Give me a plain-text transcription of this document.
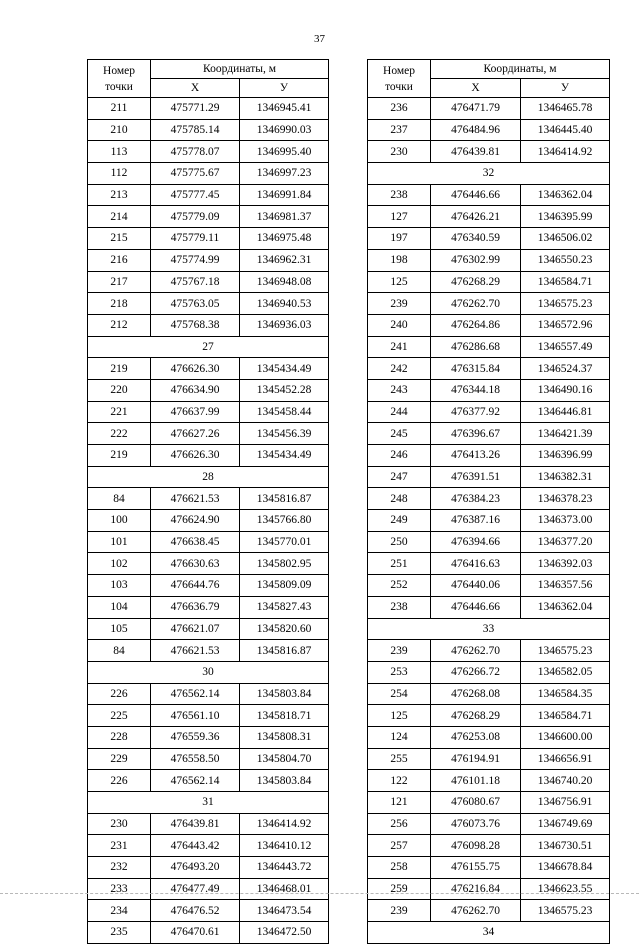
37
Номер
точки	Координаты, м	
	X	У
211	475771.29	1346945.41
210	475785.14	1346990.03
113	475778.07	1346995.40
112	475775.67	1346997.23
213	475777.45	1346991.84
214	475779.09	1346981.37
215	475779.11	1346975.48
216	475774.99	1346962.31
217	475767.18	1346948.08
218	475763.05	1346940.53
212	475768.38	1346936.03
27		
219	476626.30	1345434.49
220	476634.90	1345452.28
221	476637.99	1345458.44
222	476627.26	1345456.39
219	476626.30	1345434.49
28		
84	476621.53	1345816.87
100	476624.90	1345766.80
101	476638.45	1345770.01
102	476630.63	1345802.95
103	476644.76	1345809.09
104	476636.79	1345827.43
105	476621.07	1345820.60
84	476621.53	1345816.87
30		
226	476562.14	1345803.84
225	476561.10	1345818.71
228	476559.36	1345808.31
229	476558.50	1345804.70
226	476562.14	1345803.84
31		
230	476439.81	1346414.92
231	476443.42	1346410.12
232	476493.20	1346443.72
233	476477.49	1346468.01
234	476476.52	1346473.54
235	476470.61	1346472.50
Номер
точки	Координаты, м	
	X	У
236	476471.79	1346465.78
237	476484.96	1346445.40
230	476439.81	1346414.92
32		
238	476446.66	1346362.04
127	476426.21	1346395.99
197	476340.59	1346506.02
198	476302.99	1346550.23
125	476268.29	1346584.71
239	476262.70	1346575.23
240	476264.86	1346572.96
241	476286.68	1346557.49
242	476315.84	1346524.37
243	476344.18	1346490.16
244	476377.92	1346446.81
245	476396.67	1346421.39
246	476413.26	1346396.99
247	476391.51	1346382.31
248	476384.23	1346378.23
249	476387.16	1346373.00
250	476394.66	1346377.20
251	476416.63	1346392.03
252	476440.06	1346357.56
238	476446.66	1346362.04
33		
239	476262.70	1346575.23
253	476266.72	1346582.05
254	476268.08	1346584.35
125	476268.29	1346584.71
124	476253.08	1346600.00
255	476194.91	1346656.91
122	476101.18	1346740.20
121	476080.67	1346756.91
256	476073.76	1346749.69
257	476098.28	1346730.51
258	476155.75	1346678.84
259	476216.84	1346623.55
239	476262.70	1346575.23
34		
